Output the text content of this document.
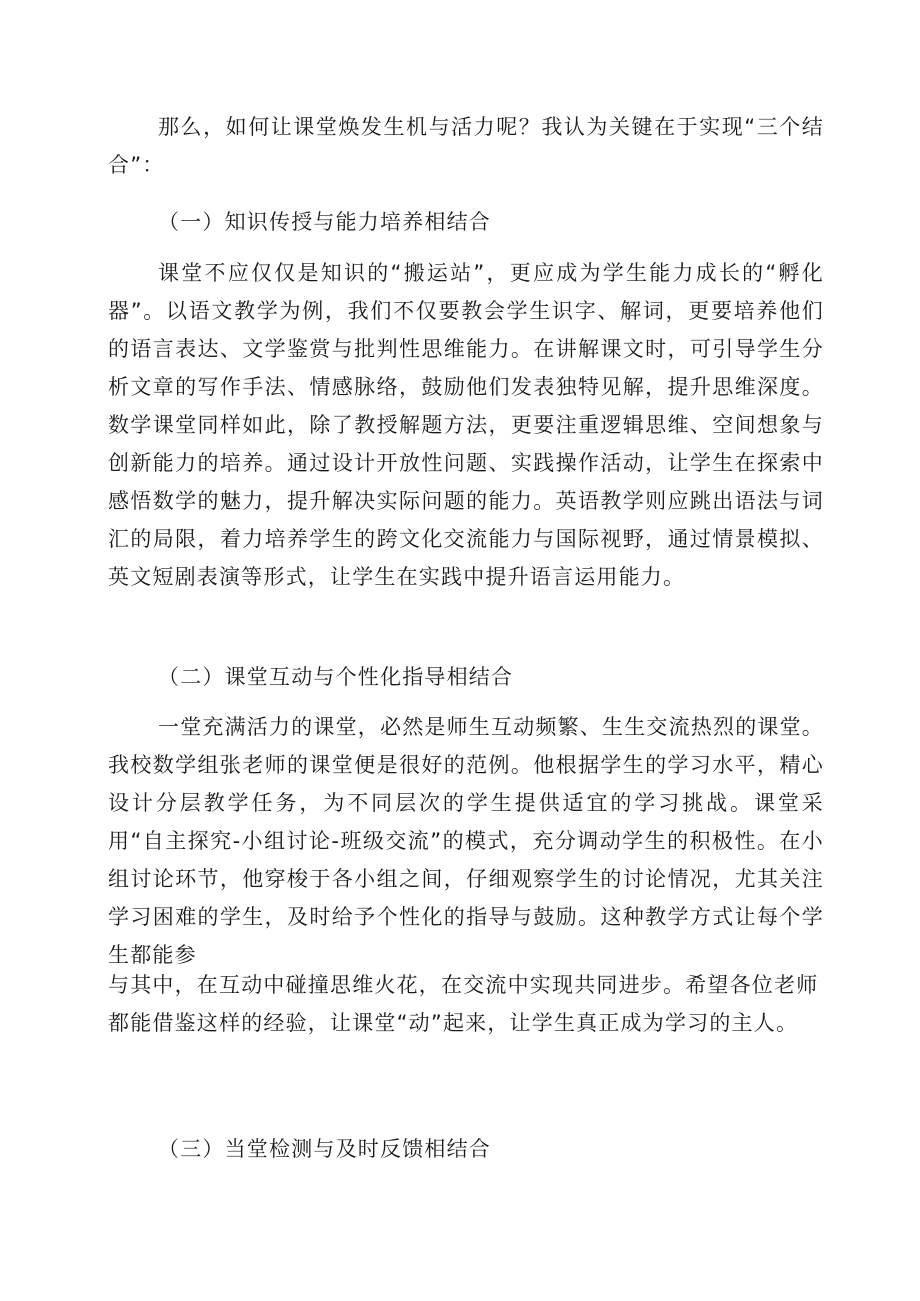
那么，如何让课堂焕发生机与活力呢？我认为关键在于实现“三个结合”：
（一）知识传授与能力培养相结合
课堂不应仅仅是知识的“搬运站”，更应成为学生能力成长的“孵化器”。以语文教学为例，我们不仅要教会学生识字、解词，更要培养他们的语言表达、文学鉴赏与批判性思维能力。在讲解课文时，可引导学生分析文章的写作手法、情感脉络，鼓励他们发表独特见解，提升思维深度。数学课堂同样如此，除了教授解题方法，更要注重逻辑思维、空间想象与创新能力的培养。通过设计开放性问题、实践操作活动，让学生在探索中感悟数学的魅力，提升解决实际问题的能力。英语教学则应跳出语法与词汇的局限，着力培养学生的跨文化交流能力与国际视野，通过情景模拟、英文短剧表演等形式，让学生在实践中提升语言运用能力。
（二）课堂互动与个性化指导相结合
一堂充满活力的课堂，必然是师生互动频繁、生生交流热烈的课堂。我校数学组张老师的课堂便是很好的范例。他根据学生的学习水平，精心设计分层教学任务，为不同层次的学生提供适宜的学习挑战。课堂采用“自主探究-小组讨论-班级交流”的模式，充分调动学生的积极性。在小组讨论环节，他穿梭于各小组之间，仔细观察学生的讨论情况，尤其关注学习困难的学生，及时给予个性化的指导与鼓励。这种教学方式让每个学生都能参
与其中，在互动中碰撞思维火花，在交流中实现共同进步。希望各位老师都能借鉴这样的经验，让课堂“动”起来，让学生真正成为学习的主人。
（三）当堂检测与及时反馈相结合
